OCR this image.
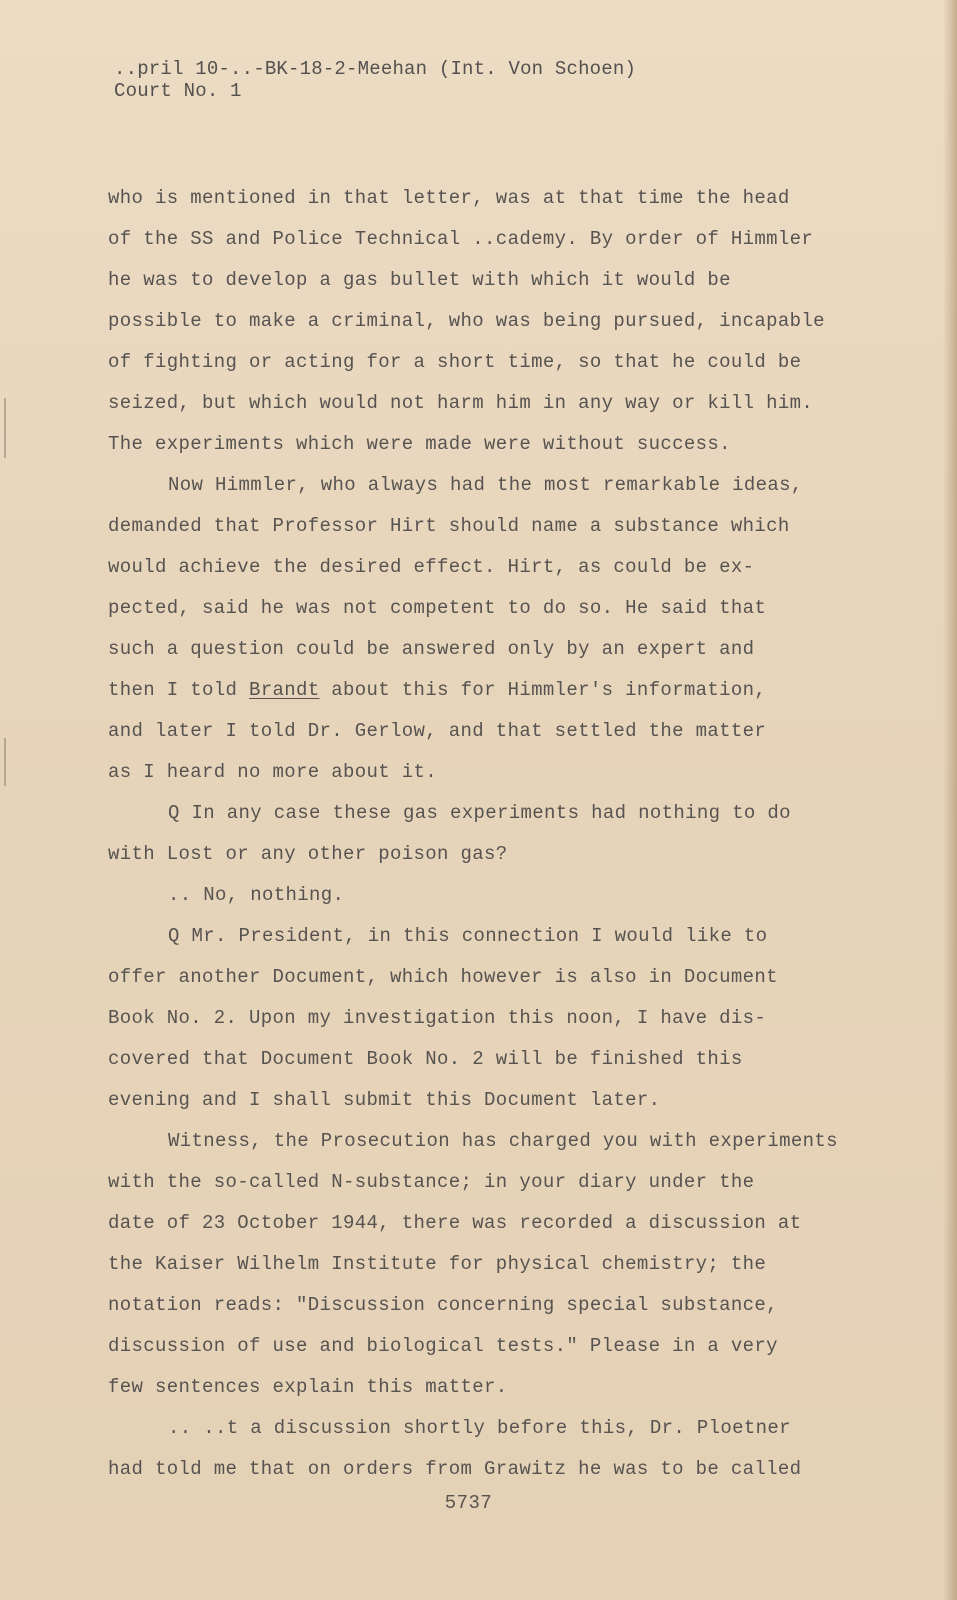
..pril 10-..-BK-18-2-Meehan (Int. Von Schoen)
Court No. 1
who is mentioned in that letter, was at that time the head
of the SS and Police Technical ..cademy. By order of Himmler
he was to develop a gas bullet with which it would be
possible to make a criminal, who was being pursued, incapable
of fighting or acting for a short time, so that he could be
seized, but which would not harm him in any way or kill him.
The experiments which were made were without success.
Now Himmler, who always had the most remarkable ideas,
demanded that Professor Hirt should name a substance which
would achieve the desired effect. Hirt, as could be ex-
pected, said he was not competent to do so. He said that
such a question could be answered only by an expert and
then I told Brandt about this for Himmler's information,
and later I told Dr. Gerlow, and that settled the matter
as I heard no more about it.
Q In any case these gas experiments had nothing to do
with Lost or any other poison gas?
.. No, nothing.
Q Mr. President, in this connection I would like to
offer another Document, which however is also in Document
Book No. 2. Upon my investigation this noon, I have dis-
covered that Document Book No. 2 will be finished this
evening and I shall submit this Document later.
Witness, the Prosecution has charged you with experiments
with the so-called N-substance; in your diary under the
date of 23 October 1944, there was recorded a discussion at
the Kaiser Wilhelm Institute for physical chemistry; the
notation reads: "Discussion concerning special substance,
discussion of use and biological tests." Please in a very
few sentences explain this matter.
.. ..t a discussion shortly before this, Dr. Ploetner
had told me that on orders from Grawitz he was to be called
5737
